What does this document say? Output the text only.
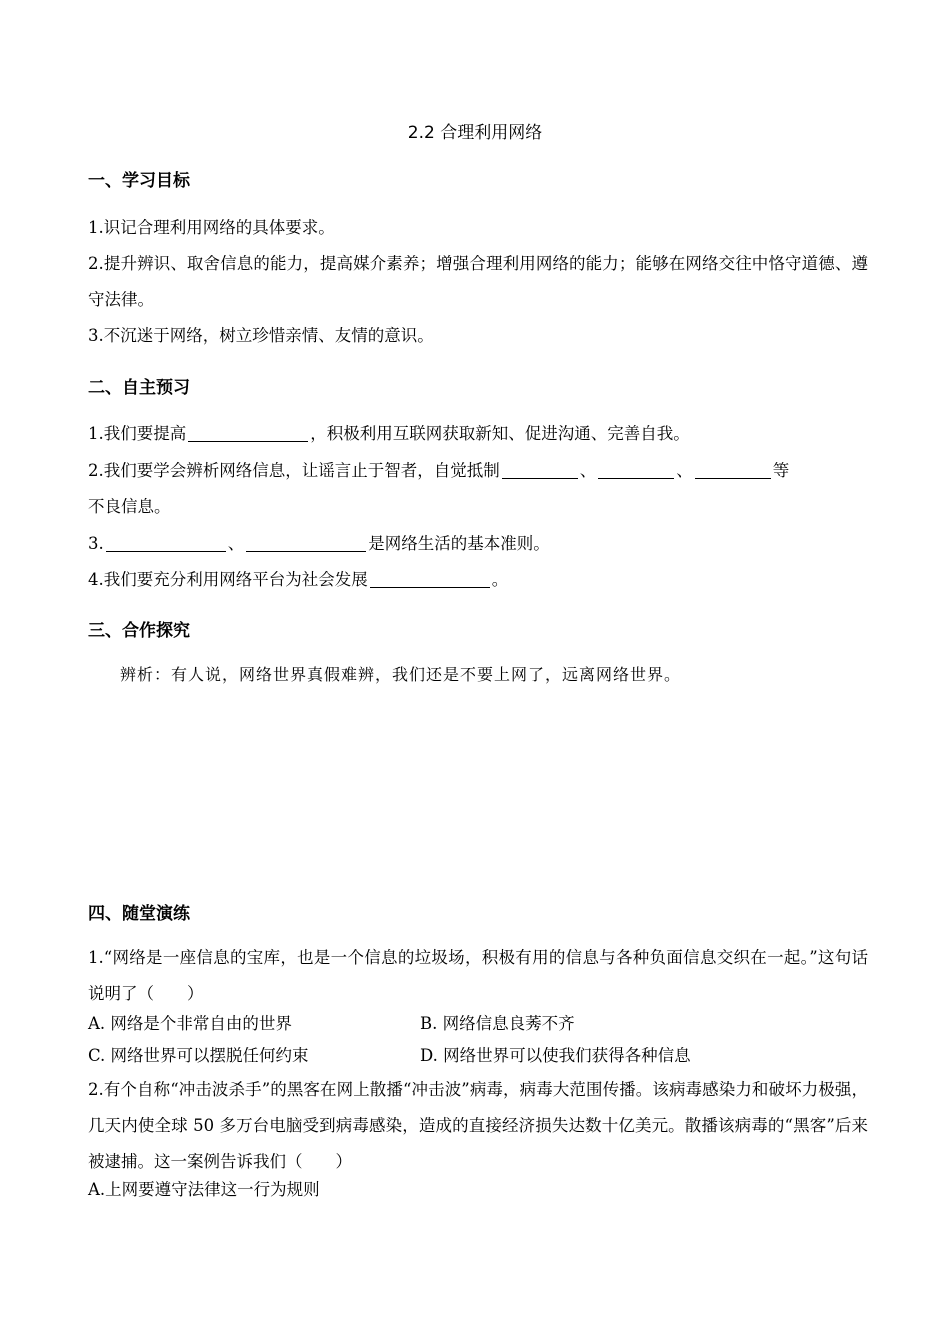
2.2 合理利用网络
一、学习目标
1.识记合理利用网络的具体要求。
2.提升辨识、取舍信息的能力，提高媒介素养；增强合理利用网络的能力；能够在网络交往中恪守道德、遵守法律。
3.不沉迷于网络，树立珍惜亲情、友情的意识。
二、自主预习
1.我们要提高	，积极利用互联网获取新知、促进沟通、完善自我。
2.我们要学会辨析网络信息，让谣言止于智者，自觉抵制	、	、	等
不良信息。
3.	、	是网络生活的基本准则。
4.我们要充分利用网络平台为社会发展	。
三、合作探究
辨析：有人说，网络世界真假难辨，我们还是不要上网了，远离网络世界。
四、随堂演练
1.“网络是一座信息的宝库，也是一个信息的垃圾场，积极有用的信息与各种负面信息交织在一起。”这句话说明了（　　）
A. 网络是个非常自由的世界	B. 网络信息良莠不齐
C. 网络世界可以摆脱任何约束	D. 网络世界可以使我们获得各种信息
2.有个自称“冲击波杀手”的黑客在网上散播“冲击波”病毒，病毒大范围传播。该病毒感染力和破坏力极强，几天内使全球 50 多万台电脑受到病毒感染，造成的直接经济损失达数十亿美元。散播该病毒的“黑客”后来被逮捕。这一案例告诉我们（　　）
A.上网要遵守法律这一行为规则
